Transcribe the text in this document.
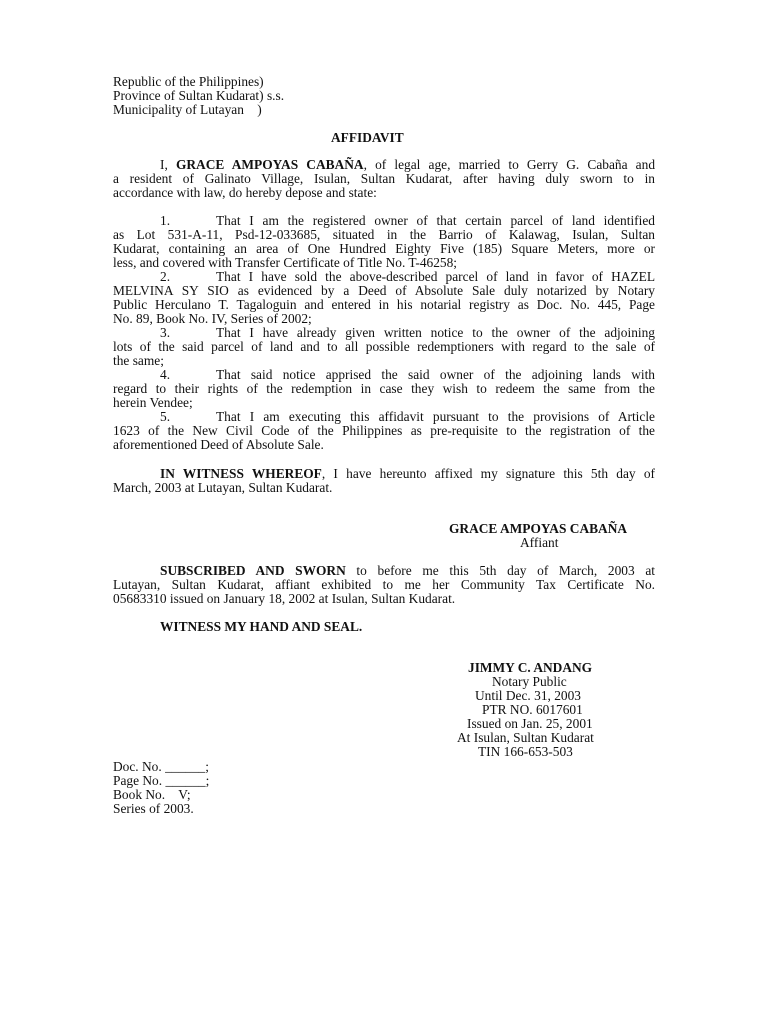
Republic of the Philippines)
Province of Sultan Kudarat) s.s.
Municipality of Lutayan    )
AFFIDAVIT
I, GRACE AMPOYAS CABAÑA, of legal age, married to Gerry G. Cabaña and
a resident of Galinato Village, Isulan, Sultan Kudarat, after having duly sworn to in
accordance with law, do hereby depose and state:
1.	That I am the registered owner of that certain parcel of land identified
as Lot 531-A-11, Psd-12-033685, situated in the Barrio of Kalawag, Isulan, Sultan
Kudarat, containing an area of One Hundred Eighty Five (185) Square Meters, more or
less, and covered with Transfer Certificate of Title No. T-46258;
2.	That I have sold the above-described parcel of land in favor of HAZEL
MELVINA SY SIO as evidenced by a Deed of Absolute Sale duly notarized by Notary
Public Herculano T. Tagaloguin and entered in his notarial registry as Doc. No. 445, Page
No. 89, Book No. IV, Series of 2002;
3.	That I have already given written notice to the owner of the adjoining
lots of the said parcel of land and to all possible redemptioners with regard to the sale of
the same;
4.	That said notice apprised the said owner of the adjoining lands with
regard to their rights of the redemption in case they wish to redeem the same from the
herein Vendee;
5.	That I am executing this affidavit pursuant to the provisions of Article
1623 of the New Civil Code of the Philippines as pre-requisite to the registration of the
aforementioned Deed of Absolute Sale.
IN WITNESS WHEREOF, I have hereunto affixed my signature this 5th day of
March, 2003 at Lutayan, Sultan Kudarat.
GRACE AMPOYAS CABAÑA
Affiant
SUBSCRIBED AND SWORN to before me this 5th day of March, 2003 at
Lutayan, Sultan Kudarat, affiant exhibited to me her Community Tax Certificate No.
05683310 issued on January 18, 2002 at Isulan, Sultan Kudarat.
WITNESS MY HAND AND SEAL.
JIMMY C. ANDANG
Notary Public
Until Dec. 31, 2003
PTR NO. 6017601
Issued on Jan. 25, 2001
At Isulan, Sultan Kudarat
TIN 166-653-503
Doc. No. ______;
Page No. ______;
Book No.    V;
Series of 2003.
